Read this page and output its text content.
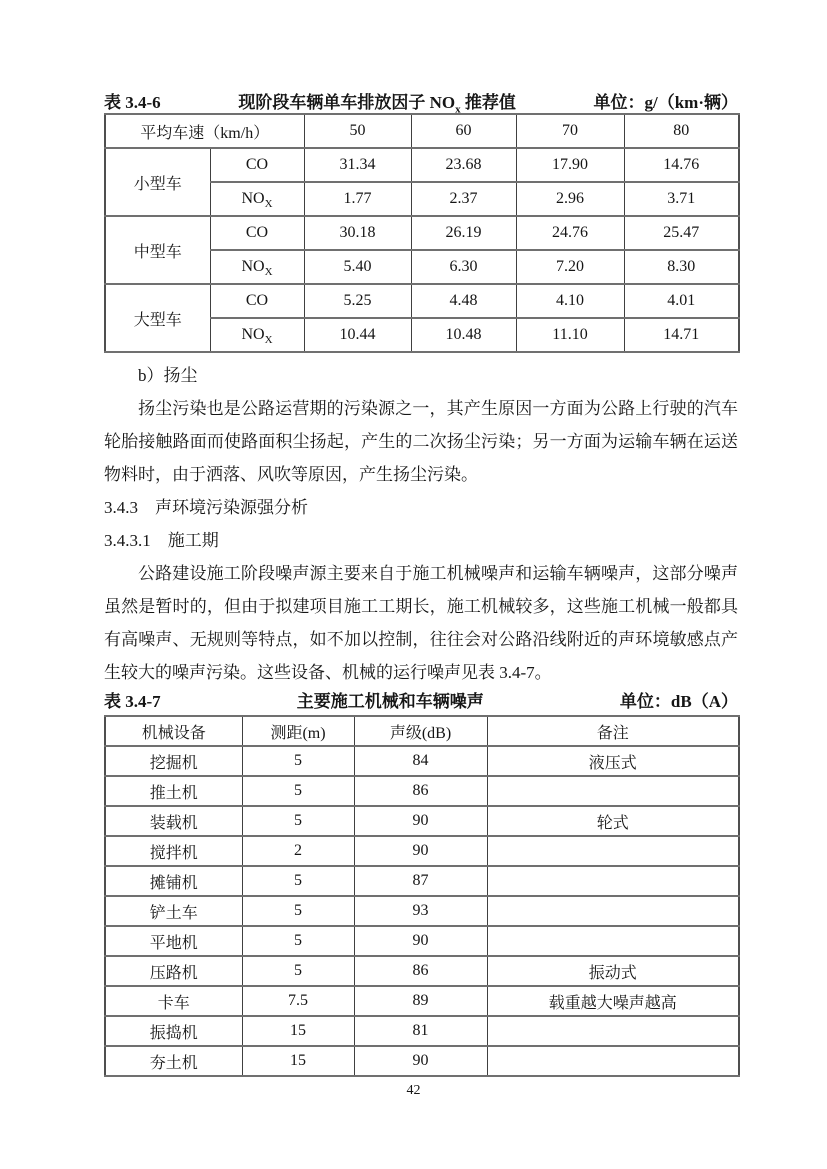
表 3.4-6	现阶段车辆单车排放因子 $NO_x$ 推荐值	单位：g/（km·辆）
平均车速（km/h）		50	60	70	80
小型车	CO	31.34	23.68	17.90	14.76
	$NO_X$	1.77	2.37	2.96	3.71
中型车	CO	30.18	26.19	24.76	25.47
	$NO_X$	5.40	6.30	7.20	8.30
大型车	CO	5.25	4.48	4.10	4.01
	$NO_X$	10.44	10.48	11.10	14.71
b）扬尘
扬尘污染也是公路运营期的污染源之一，其产生原因一方面为公路上行驶的汽车
轮胎接触路面而使路面积尘扬起，产生的二次扬尘污染；另一方面为运输车辆在运送
物料时，由于洒落、风吹等原因，产生扬尘污染。
3.4.3　声环境污染源强分析
3.4.3.1　施工期
公路建设施工阶段噪声源主要来自于施工机械噪声和运输车辆噪声，这部分噪声
虽然是暂时的，但由于拟建项目施工工期长，施工机械较多，这些施工机械一般都具
有高噪声、无规则等特点，如不加以控制，往往会对公路沿线附近的声环境敏感点产
生较大的噪声污染。这些设备、机械的运行噪声见表 3.4-7。
表 3.4-7	主要施工机械和车辆噪声	单位：dB（A）
机械设备	测距(m)	声级(dB)	备注
挖掘机	5	84	液压式
推土机	5	86	
装载机	5	90	轮式
搅拌机	2	90	
摊铺机	5	87	
铲土车	5	93	
平地机	5	90	
压路机	5	86	振动式
卡车	7.5	89	载重越大噪声越高
振捣机	15	81	
夯土机	15	90	
42
